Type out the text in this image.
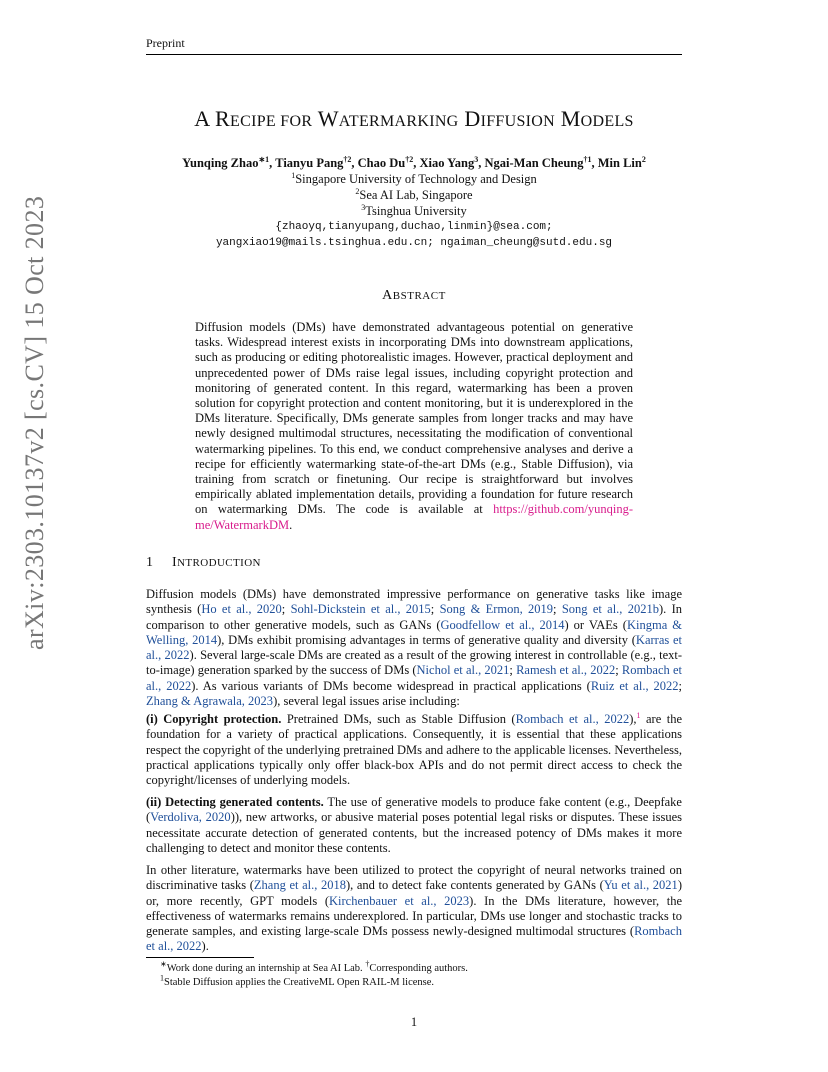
Preprint
arXiv:2303.10137v2 [cs.CV] 15 Oct 2023
A RECIPE FOR WATERMARKING DIFFUSION MODELS
Yunqing Zhao$^{∗1}$, Tianyu Pang$^{\dagger 2}$, Chao Du$^{\dagger 2}$, Xiao Yang$^3$, Ngai-Man Cheung$^{\dagger 1}$, Min Lin$^2$
$^1$Singapore University of Technology and Design
$^2$Sea AI Lab, Singapore
$^3$Tsinghua University
{zhaoyq,tianyupang,duchao,linmin}@sea.com;
yangxiao19@mails.tsinghua.edu.cn; ngaiman_cheung@sutd.edu.sg
ABSTRACT
Diffusion models (DMs) have demonstrated advantageous potential on generative tasks. Widespread interest exists in incorporating DMs into downstream applications, such as producing or editing photorealistic images. However, practical deployment and unprecedented power of DMs raise legal issues, including copyright protection and monitoring of generated content. In this regard, watermarking has been a proven solution for copyright protection and content monitoring, but it is underexplored in the DMs literature. Specifically, DMs generate samples from longer tracks and may have newly designed multimodal structures, necessitating the modification of conventional watermarking pipelines. To this end, we conduct comprehensive analyses and derive a recipe for efficiently watermarking state-of-the-art DMs (e.g., Stable Diffusion), via training from scratch or finetuning. Our recipe is straightforward but involves empirically ablated implementation details, providing a foundation for future research on watermarking DMs. The code is available at https://github.com/yunqing-me/WatermarkDM.
1 INTRODUCTION

Diffusion models (DMs) have demonstrated impressive performance on generative tasks like image synthesis (Ho et al., 2020; Sohl-Dickstein et al., 2015; Song & Ermon, 2019; Song et al., 2021b). In comparison to other generative models, such as GANs (Goodfellow et al., 2014) or VAEs (Kingma & Welling, 2014), DMs exhibit promising advantages in terms of generative quality and diversity (Karras et al., 2022). Several large-scale DMs are created as a result of the growing interest in controllable (e.g., text-to-image) generation sparked by the success of DMs (Nichol et al., 2021; Ramesh et al., 2022; Rombach et al., 2022). As various variants of DMs become widespread in practical applications (Ruiz et al., 2022; Zhang & Agrawala, 2023), several legal issues arise including:

(i) Copyright protection. Pretrained DMs, such as Stable Diffusion (Rombach et al., 2022),$^1$ are the foundation for a variety of practical applications. Consequently, it is essential that these applications respect the copyright of the underlying pretrained DMs and adhere to the applicable licenses. Nevertheless, practical applications typically only offer black-box APIs and do not permit direct access to check the copyright/licenses of underlying models.

(ii) Detecting generated contents. The use of generative models to produce fake content (e.g., Deepfake (Verdoliva, 2020)), new artworks, or abusive material poses potential legal risks or disputes. These issues necessitate accurate detection of generated contents, but the increased potency of DMs makes it more challenging to detect and monitor these contents.

In other literature, watermarks have been utilized to protect the copyright of neural networks trained on discriminative tasks (Zhang et al., 2018), and to detect fake contents generated by GANs (Yu et al., 2021) or, more recently, GPT models (Kirchenbauer et al., 2023). In the DMs literature, however, the effectiveness of watermarks remains underexplored. In particular, DMs use longer and stochastic tracks to generate samples, and existing large-scale DMs possess newly-designed multimodal structures (Rombach et al., 2022).

∗Work done during an internship at Sea AI Lab. †Corresponding authors.
$^1$Stable Diffusion applies the CreativeML Open RAIL-M license.
1
